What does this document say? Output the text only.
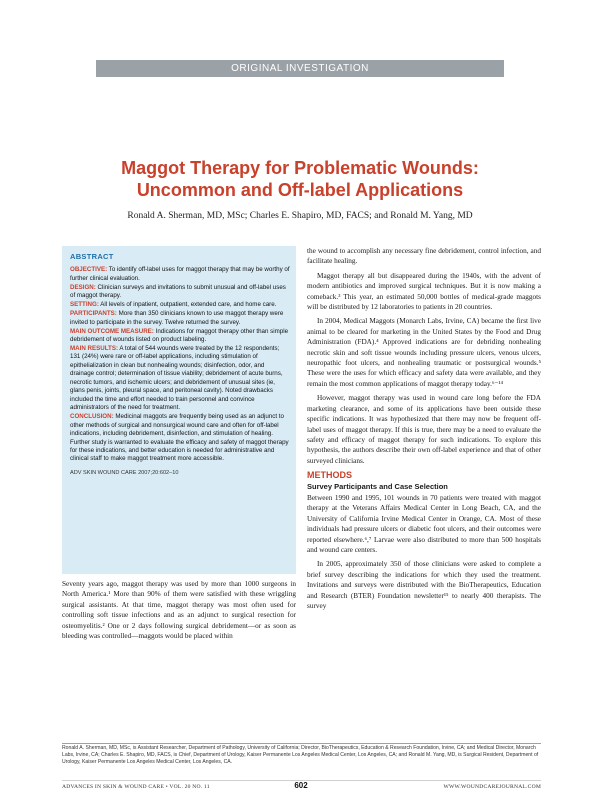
ORIGINAL INVESTIGATION
Maggot Therapy for Problematic Wounds:
Uncommon and Off-label Applications
Ronald A. Sherman, MD, MSc; Charles E. Shapiro, MD, FACS; and Ronald M. Yang, MD
ABSTRACT
OBJECTIVE: To identify off-label uses for maggot therapy that may be worthy of further clinical evaluation.
DESIGN: Clinician surveys and invitations to submit unusual and off-label uses of maggot therapy.
SETTING: All levels of inpatient, outpatient, extended care, and home care.
PARTICIPANTS: More than 350 clinicians known to use maggot therapy were invited to participate in the survey. Twelve returned the survey.
MAIN OUTCOME MEASURE: Indications for maggot therapy other than simple debridement of wounds listed on product labeling.
MAIN RESULTS: A total of 544 wounds were treated by the 12 respondents; 131 (24%) were rare or off-label applications, including stimulation of epithelialization in clean but nonhealing wounds; disinfection, odor, and drainage control; determination of tissue viability; debridement of acute burns, necrotic tumors, and ischemic ulcers; and debridement of unusual sites (ie, glans penis, joints, pleural space, and peritoneal cavity). Noted drawbacks included the time and effort needed to train personnel and convince administrators of the need for treatment.
CONCLUSION: Medicinal maggots are frequently being used as an adjunct to other methods of surgical and nonsurgical wound care and often for off-label indications, including debridement, disinfection, and stimulation of healing. Further study is warranted to evaluate the efficacy and safety of maggot therapy for these indications, and better education is needed for administrative and clinical staff to make maggot treatment more accessible.
ADV SKIN WOUND CARE 2007;20:602–10
Seventy years ago, maggot therapy was used by more than 1000 surgeons in North America.¹ More than 90% of them were satisfied with these wriggling surgical assistants. At that time, maggot therapy was most often used for controlling soft tissue infections and as an adjunct to surgical resection for osteomyelitis.² One or 2 days following surgical debridement—or as soon as bleeding was controlled—maggots would be placed within

the wound to accomplish any necessary fine debridement, control infection, and facilitate healing.

Maggot therapy all but disappeared during the 1940s, with the advent of modern antibiotics and improved surgical techniques. But it is now making a comeback.³ This year, an estimated 50,000 bottles of medical-grade maggots will be distributed by 12 laboratories to patients in 20 countries.

In 2004, Medical Maggots (Monarch Labs, Irvine, CA) became the first live animal to be cleared for marketing in the United States by the Food and Drug Administration (FDA).⁴ Approved indications are for debriding nonhealing necrotic skin and soft tissue wounds including pressure ulcers, venous ulcers, neuropathic foot ulcers, and nonhealing traumatic or postsurgical wounds.⁵ These were the uses for which efficacy and safety data were available, and they remain the most common applications of maggot therapy today.⁶⁻¹⁴

However, maggot therapy was used in wound care long before the FDA marketing clearance, and some of its applications have been outside these specific indications. It was hypothesized that there may now be frequent off-label uses of maggot therapy. If this is true, there may be a need to evaluate the safety and efficacy of maggot therapy for such indications. To explore this hypothesis, the authors describe their own off-label experience and that of other surveyed clinicians.

METHODS
Survey Participants and Case Selection

Between 1990 and 1995, 101 wounds in 70 patients were treated with maggot therapy at the Veterans Affairs Medical Center in Long Beach, CA, and the University of California Irvine Medical Center in Orange, CA. Most of these individuals had pressure ulcers or diabetic foot ulcers, and their outcomes were reported elsewhere.⁶,⁷ Larvae were also distributed to more than 500 hospitals and wound care centers.

In 2005, approximately 350 of those clinicians were asked to complete a brief survey describing the indications for which they used the treatment. Invitations and surveys were distributed with the BioTherapeutics, Education and Research (BTER) Foundation newsletter¹⁵ to nearly 400 therapists. The survey

Ronald A. Sherman, MD, MSc, is Assistant Researcher, Department of Pathology, University of California; Director, BioTherapeutics, Education & Research Foundation, Irvine, CA; and Medical Director, Monarch Labs, Irvine, CA; Charles E. Shapiro, MD, FACS, is Chief, Department of Urology, Kaiser Permanente Los Angeles Medical Center, Los Angeles, CA; and Ronald M. Yang, MD, is Surgical Resident, Department of Urology, Kaiser Permanente Los Angeles Medical Center, Los Angeles, CA.
ADVANCES IN SKIN & WOUND CARE • VOL. 20 NO. 11	602	WWW.WOUNDCAREJOURNAL.COM
